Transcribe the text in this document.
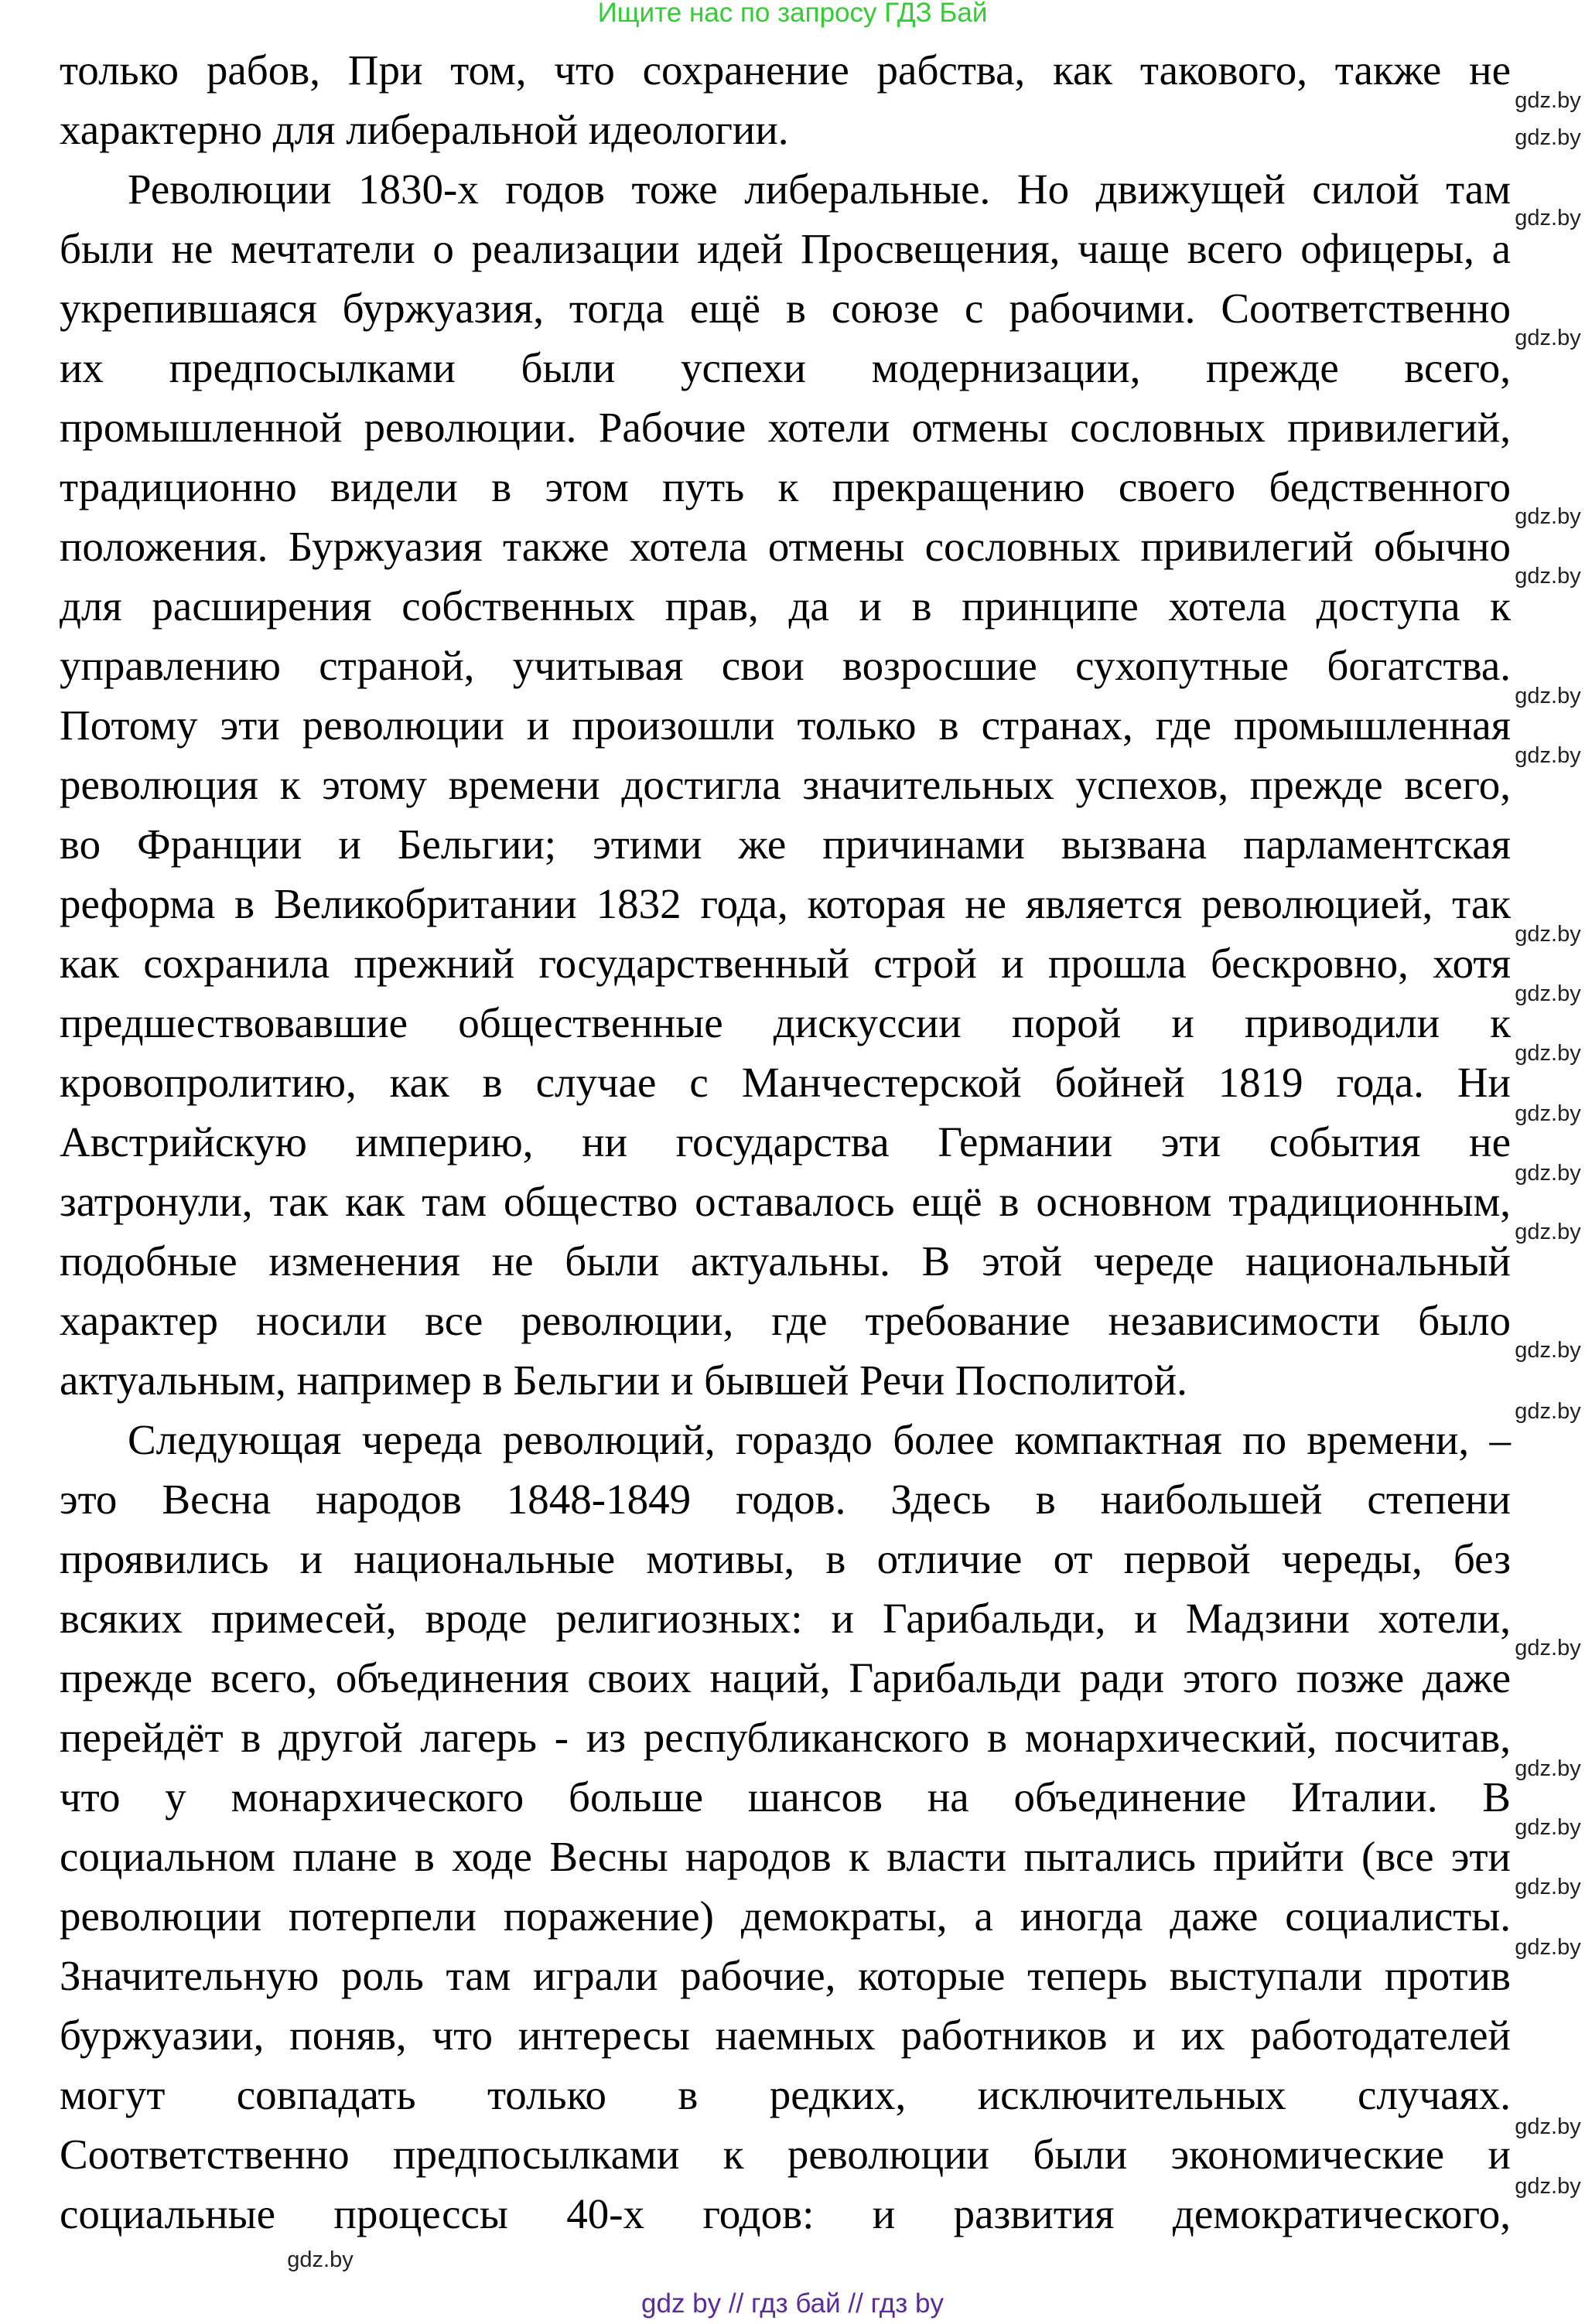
Ищите нас по запросу ГДЗ Бай
только рабов, При том, что сохранение рабства, как такового, также не
характерно для либеральной идеологии.
Революции 1830-х годов тоже либеральные. Но движущей силой там
были не мечтатели о реализации идей Просвещения, чаще всего офицеры, а
укрепившаяся буржуазия, тогда ещё в союзе с рабочими. Соответственно
их предпосылками были успехи модернизации, прежде всего,
промышленной революции. Рабочие хотели отмены сословных привилегий,
традиционно видели в этом путь к прекращению своего бедственного
положения. Буржуазия также хотела отмены сословных привилегий обычно
для расширения собственных прав, да и в принципе хотела доступа к
управлению страной, учитывая свои возросшие сухопутные богатства.
Потому эти революции и произошли только в странах, где промышленная
революция к этому времени достигла значительных успехов, прежде всего,
во Франции и Бельгии; этими же причинами вызвана парламентская
реформа в Великобритании 1832 года, которая не является революцией, так
как сохранила прежний государственный строй и прошла бескровно, хотя
предшествовавшие общественные дискуссии порой и приводили к
кровопролитию, как в случае с Манчестерской бойней 1819 года. Ни
Австрийскую империю, ни государства Германии эти события не
затронули, так как там общество оставалось ещё в основном традиционным,
подобные изменения не были актуальны. В этой череде национальный
характер носили все революции, где требование независимости было
актуальным, например в Бельгии и бывшей Речи Посполитой.
Следующая череда революций, гораздо более компактная по времени, –
это Весна народов 1848-1849 годов. Здесь в наибольшей степени
проявились и национальные мотивы, в отличие от первой череды, без
всяких примесей, вроде религиозных: и Гарибальди, и Мадзини хотели,
прежде всего, объединения своих наций, Гарибальди ради этого позже даже
перейдёт в другой лагерь - из республиканского в монархический, посчитав,
что у монархического больше шансов на объединение Италии. В
социальном плане в ходе Весны народов к власти пытались прийти (все эти
революции потерпели поражение) демократы, а иногда даже социалисты.
Значительную роль там играли рабочие, которые теперь выступали против
буржуазии, поняв, что интересы наемных работников и их работодателей
могут совпадать только в редких, исключительных случаях.
Соответственно предпосылками к революции были экономические и
социальные процессы 40-х годов: и развития демократического,
gdz.by
gdz.by
gdz.by
gdz.by
gdz.by
gdz.by
gdz.by
gdz.by
gdz.by
gdz.by
gdz.by
gdz.by
gdz.by
gdz.by
gdz.by
gdz.by
gdz.by
gdz.by
gdz.by
gdz.by
gdz.by
gdz.by
gdz.by
gdz.by
gdz by // гдз бай // гдз by
